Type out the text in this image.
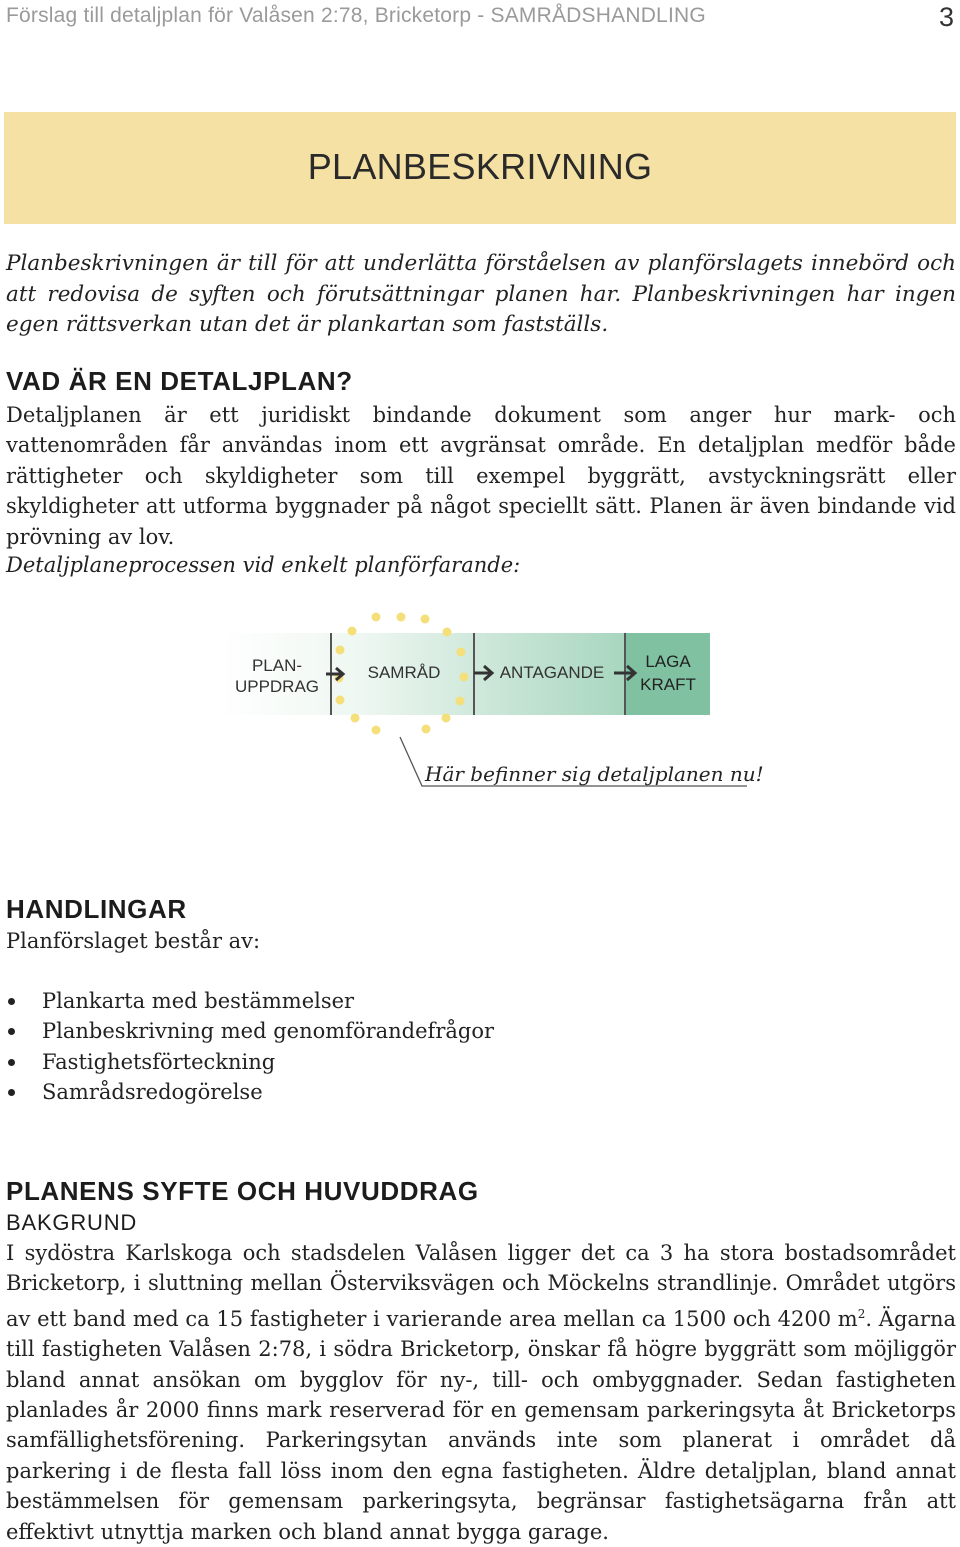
Förslag till detaljplan för Valåsen 2:78, Bricketorp - SAMRÅDSHANDLING	3
PLANBESKRIVNING
Planbeskrivningen är till för att underlätta förståelsen av planförslagets innebörd och att redovisa de syften och förutsättningar planen har. Planbeskrivningen har ingen egen rättsverkan utan det är plankartan som fastställs.
VAD ÄR EN DETALJPLAN?
Detaljplanen är ett juridiskt bindande dokument som anger hur mark- och vattenområden får användas inom ett avgränsat område. En detaljplan medför både rättigheter och skyldigheter som till exempel byggrätt, avstyckningsrätt eller skyldigheter att utforma byggnader på något speciellt sätt. Planen är även bindande vid prövning av lov.
Detaljplaneprocessen vid enkelt planförfarande:
PLAN-
UPPDRAG
SAMRÅD	ANTAGANDE
LAGA
KRAFT
Här befinner sig detaljplanen nu!
HANDLINGAR
Planförslaget består av:
Plankarta med bestämmelser
Planbeskrivning med genomförandefrågor
Fastighetsförteckning
Samrådsredogörelse
PLANENS SYFTE OCH HUVUDDRAG
BAKGRUND
I sydöstra Karlskoga och stadsdelen Valåsen ligger det ca 3 ha stora bostadsområdet Bricketorp, i sluttning mellan Österviksvägen och Möckelns strandlinje. Området utgörs av ett band med ca 15 fastigheter i varierande area mellan ca 1500 och 4200 $m^2$. Ägarna till fastigheten Valåsen 2:78, i södra Bricketorp, önskar få högre byggrätt som möjliggör bland annat ansökan om bygglov för ny-, till- och ombyggnader. Sedan fastigheten planlades år 2000 finns mark reserverad för en gemensam parkeringsyta åt Bricketorps samfällighetsförening. Parkeringsytan används inte som planerat i området då parkering i de flesta fall löss inom den egna fastigheten. Äldre detaljplan, bland annat bestämmelsen för gemensam parkeringsyta, begränsar fastighetsägarna från att effektivt utnyttja marken och bland annat bygga garage.
